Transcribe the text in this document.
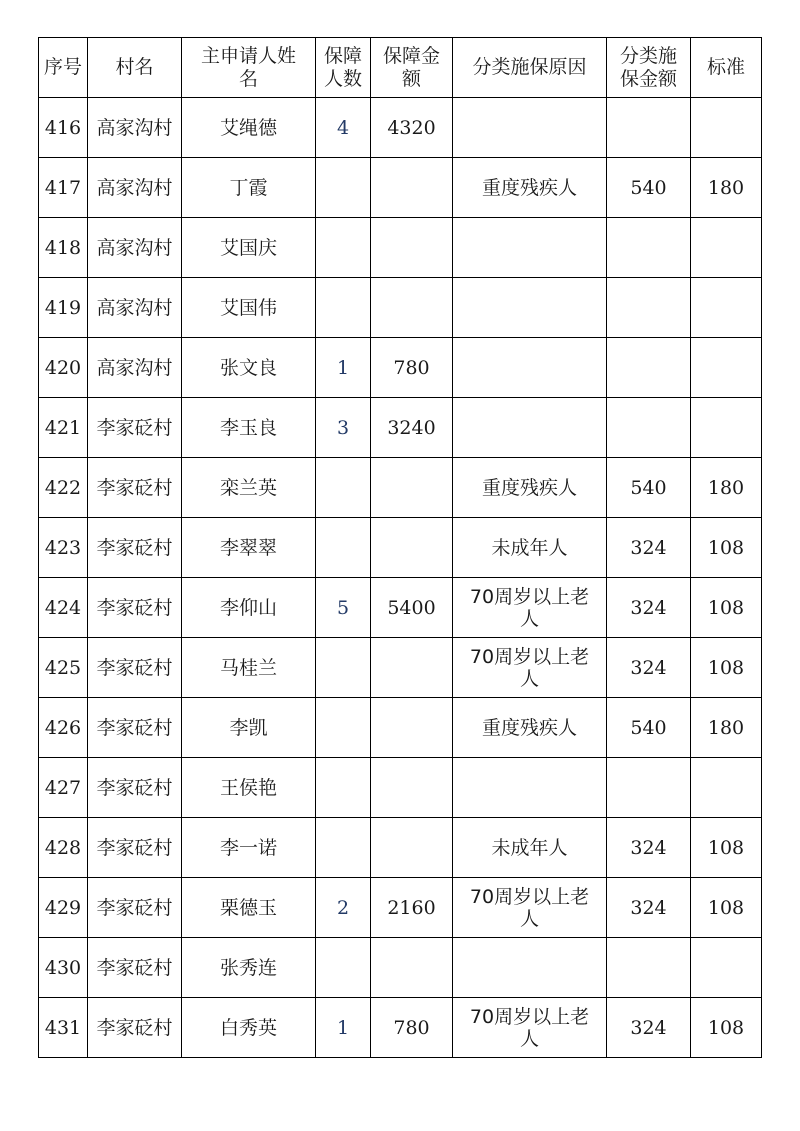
序号	村名	主申请人姓名	保障人数	保障金额	分类施保原因	分类施保金额	标准
416	高家沟村	艾绳德	4	4320			
417	高家沟村	丁霞			重度残疾人	540	180
418	高家沟村	艾国庆					
419	高家沟村	艾国伟					
420	高家沟村	张文良	1	780			
421	李家砭村	李玉良	3	3240			
422	李家砭村	栾兰英			重度残疾人	540	180
423	李家砭村	李翠翠			未成年人	324	108
424	李家砭村	李仰山	5	5400	70周岁以上老人	324	108
425	李家砭村	马桂兰			70周岁以上老人	324	108
426	李家砭村	李凯			重度残疾人	540	180
427	李家砭村	王侯艳					
428	李家砭村	李一诺			未成年人	324	108
429	李家砭村	栗德玉	2	2160	70周岁以上老人	324	108
430	李家砭村	张秀连					
431	李家砭村	白秀英	1	780	70周岁以上老人	324	108
